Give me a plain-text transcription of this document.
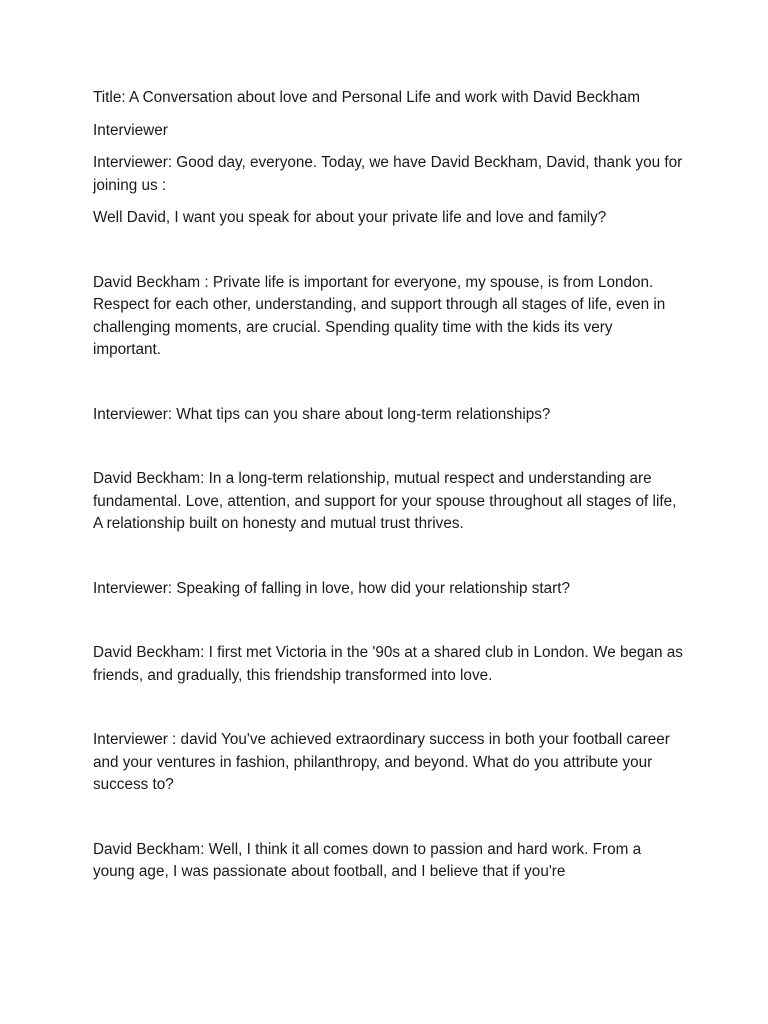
Title: A Conversation about love and Personal Life and work with David Beckham

Interviewer

Interviewer: Good day, everyone. Today, we have David Beckham, David, thank you for joining us :

Well David, I want you speak for about your private life and love and family?

David Beckham : Private life is important for everyone, my spouse, is from London. Respect for each other, understanding, and support through all stages of life, even in challenging moments, are crucial. Spending quality time with the kids its very important.

Interviewer: What tips can you share about long-term relationships?

David Beckham: In a long-term relationship, mutual respect and understanding are fundamental. Love, attention, and support for your spouse throughout all stages of life, A relationship built on honesty and mutual trust thrives.

Interviewer: Speaking of falling in love, how did your relationship start?

David Beckham: I first met Victoria in the '90s at a shared club in London. We began as friends, and gradually, this friendship transformed into love.

Interviewer : david You've achieved extraordinary success in both your football career and your ventures in fashion, philanthropy, and beyond. What do you attribute your success to?

David Beckham: Well, I think it all comes down to passion and hard work. From a young age, I was passionate about football, and I believe that if you're
